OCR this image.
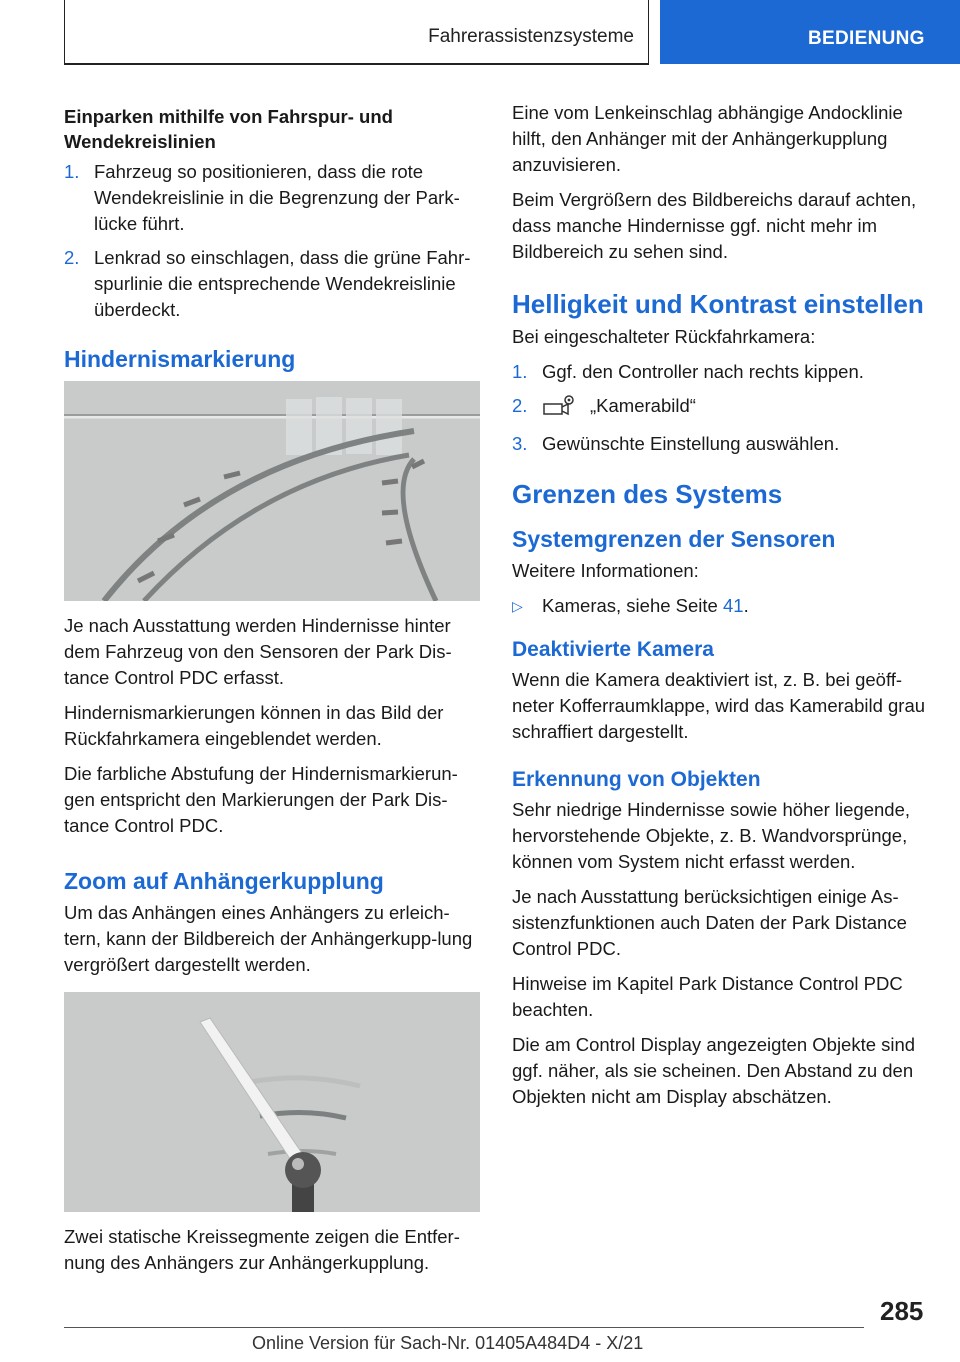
Fahrerassistenzsysteme	BEDIENUNG
Einparken mithilfe von Fahrspur- und Wendekreislinien
1. Fahrzeug so positionieren, dass die rote Wendekreislinie in die Begrenzung der Park-lücke führt.
2. Lenkrad so einschlagen, dass die grüne Fahr-spurlinie die entsprechende Wendekreislinie überdeckt.
Hindernismarkierung

Je nach Ausstattung werden Hindernisse hinter dem Fahrzeug von den Sensoren der Park Dis-tance Control PDC erfasst.

Hindernismarkierungen können in das Bild der Rückfahrkamera eingeblendet werden.

Die farbliche Abstufung der Hindernismarkierun-gen entspricht den Markierungen der Park Dis-tance Control PDC.

Zoom auf Anhängerkupplung

Um das Anhängen eines Anhängers zu erleich-tern, kann der Bildbereich der Anhängerkupp-lung vergrößert dargestellt werden.

Zwei statische Kreissegmente zeigen die Entfer-nung des Anhängers zur Anhängerkupplung.

Eine vom Lenkeinschlag abhängige Andocklinie hilft, den Anhänger mit der Anhängerkupplung anzuvisieren.

Beim Vergrößern des Bildbereichs darauf achten, dass manche Hindernisse ggf. nicht mehr im Bildbereich zu sehen sind.

Helligkeit und Kontrast einstellen

Bei eingeschalteter Rückfahrkamera:

1. Ggf. den Controller nach rechts kippen.
2.	„Kamerabild“
3. Gewünschte Einstellung auswählen.
Grenzen des Systems
Systemgrenzen der Sensoren

Weitere Informationen:

▷ Kameras, siehe Seite 41.
Deaktivierte Kamera

Wenn die Kamera deaktiviert ist, z. B. bei geöff-neter Kofferraumklappe, wird das Kamerabild grau schraffiert dargestellt.

Erkennung von Objekten

Sehr niedrige Hindernisse sowie höher liegende, hervorstehende Objekte, z. B. Wandvorsprünge, können vom System nicht erfasst werden.

Je nach Ausstattung berücksichtigen einige As-sistenzfunktionen auch Daten der Park Distance Control PDC.

Hinweise im Kapitel Park Distance Control PDC beachten.

Die am Control Display angezeigten Objekte sind ggf. näher, als sie scheinen. Den Abstand zu den Objekten nicht am Display abschätzen.

285
Online Version für Sach-Nr. 01405A484D4 - X/21
